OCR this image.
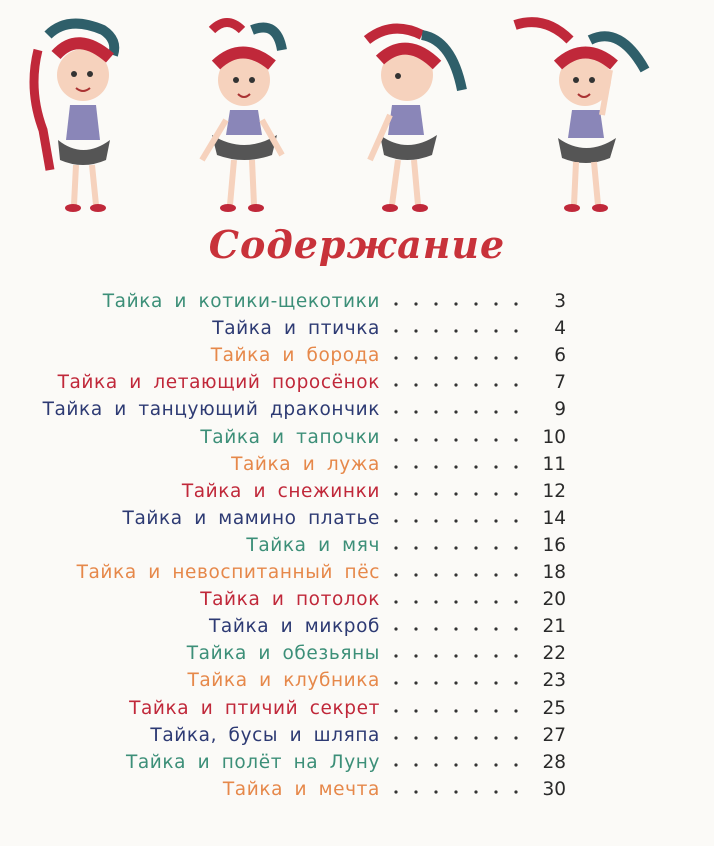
Содержание
Тайка и котики-щекотики	3
Тайка и птичка	4
Тайка и борода	6
Тайка и летающий поросёнок	7
Тайка и танцующий дракончик	9
Тайка и тапочки	10
Тайка и лужа	11
Тайка и снежинки	12
Тайка и мамино платье	14
Тайка и мяч	16
Тайка и невоспитанный пёс	18
Тайка и потолок	20
Тайка и микроб	21
Тайка и обезьяны	22
Тайка и клубника	23
Тайка и птичий секрет	25
Тайка, бусы и шляпа	27
Тайка и полёт на Луну	28
Тайка и мечта	30
